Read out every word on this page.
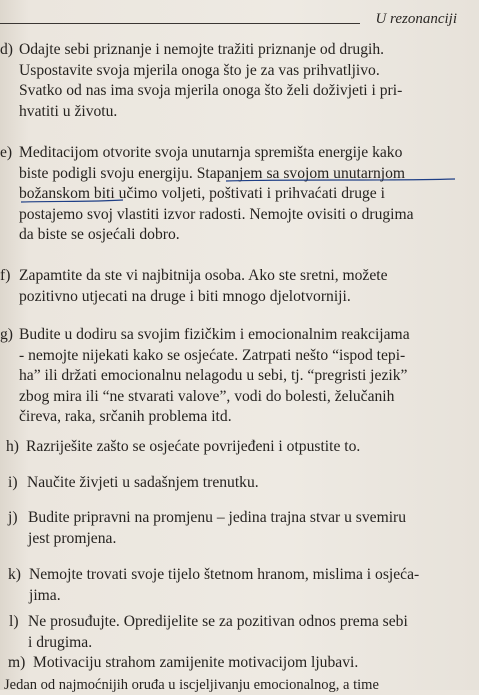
U rezonanciji
d) Odajte sebi priznanje i nemojte tražiti priznanje od drugih.
Uspostavite svoja mjerila onoga što je za vas prihvatljivo.
Svatko od nas ima svoja mjerila onoga što želi doživjeti i pri-
hvatiti u životu.
e) Meditacijom otvorite svoja unutarnja spremišta energije kako
biste podigli svoju energiju. Stapanjem sa svojom unutarnjom
božanskom biti učimo voljeti, poštivati i prihvaćati druge i
postajemo svoj vlastiti izvor radosti. Nemojte ovisiti o drugima
da biste se osjećali dobro.
f) Zapamtite da ste vi najbitnija osoba. Ako ste sretni, možete
pozitivno utjecati na druge i biti mnogo djelotvorniji.
g) Budite u dodiru sa svojim fizičkim i emocionalnim reakcijama
- nemojte nijekati kako se osjećate. Zatrpati nešto “ispod tepi-
ha” ili držati emocionalnu nelagodu u sebi, tj. “pregristi jezik”
zbog mira ili “ne stvarati valove”, vodi do bolesti, želučanih
čireva, raka, srčanih problema itd.
h) Razriješite zašto se osjećate povrijeđeni i otpustite to.
i) Naučite živjeti u sadašnjem trenutku.
j) Budite pripravni na promjenu – jedina trajna stvar u svemiru
jest promjena.
k) Nemojte trovati svoje tijelo štetnom hranom, mislima i osjeća-
jima.
l) Ne prosuđujte. Opredijelite se za pozitivan odnos prema sebi
i drugima.
m) Motivaciju strahom zamijenite motivacijom ljubavi.
Jedan od najmoćnijih oruđa u iscjeljivanju emocionalnog, a time
